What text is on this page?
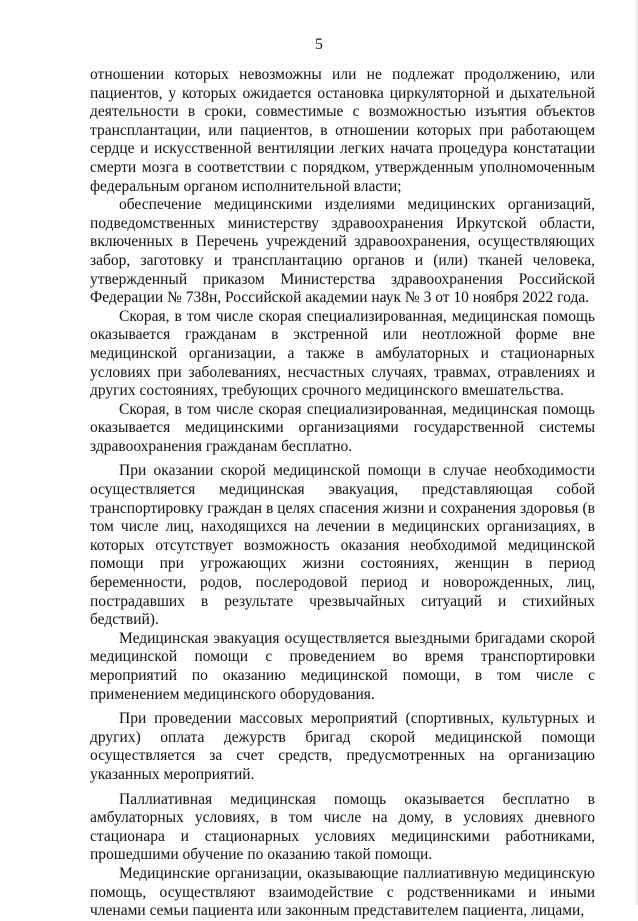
5

отношении которых невозможны или не подлежат продолжению, или пациентов, у которых ожидается остановка циркуляторной и дыхательной деятельности в сроки, совместимые с возможностью изъятия объектов трансплантации, или пациентов, в отношении которых при работающем сердце и искусственной вентиляции легких начата процедура констатации смерти мозга в соответствии с порядком, утвержденным уполномоченным федеральным органом исполнительной власти;

обеспечение медицинскими изделиями медицинских организаций, подведомственных министерству здравоохранения Иркутской области, включенных в Перечень учреждений здравоохранения, осуществляющих забор, заготовку и трансплантацию органов и (или) тканей человека, утвержденный приказом Министерства здравоохранения Российской Федерации № 738н, Российской академии наук № 3 от 10 ноября 2022 года.

Скорая, в том числе скорая специализированная, медицинская помощь оказывается гражданам в экстренной или неотложной форме вне медицинской организации, а также в амбулаторных и стационарных условиях при заболеваниях, несчастных случаях, травмах, отравлениях и других состояниях, требующих срочного медицинского вмешательства.

Скорая, в том числе скорая специализированная, медицинская помощь оказывается медицинскими организациями государственной системы здравоохранения гражданам бесплатно.

При оказании скорой медицинской помощи в случае необходимости осуществляется медицинская эвакуация, представляющая собой транспортировку граждан в целях спасения жизни и сохранения здоровья (в том числе лиц, находящихся на лечении в медицинских организациях, в которых отсутствует возможность оказания необходимой медицинской помощи при угрожающих жизни состояниях, женщин в период беременности, родов, послеродовой период и новорожденных, лиц, пострадавших в результате чрезвычайных ситуаций и стихийных бедствий).

Медицинская эвакуация осуществляется выездными бригадами скорой медицинской помощи с проведением во время транспортировки мероприятий по оказанию медицинской помощи, в том числе с применением медицинского оборудования.

При проведении массовых мероприятий (спортивных, культурных и других) оплата дежурств бригад скорой медицинской помощи осуществляется за счет средств, предусмотренных на организацию указанных мероприятий.

Паллиативная медицинская помощь оказывается бесплатно в амбулаторных условиях, в том числе на дому, в условиях дневного стационара и стационарных условиях медицинскими работниками, прошедшими обучение по оказанию такой помощи.

Медицинские организации, оказывающие паллиативную медицинскую помощь, осуществляют взаимодействие с родственниками и иными членами семьи пациента или законным представителем пациента, лицами,
